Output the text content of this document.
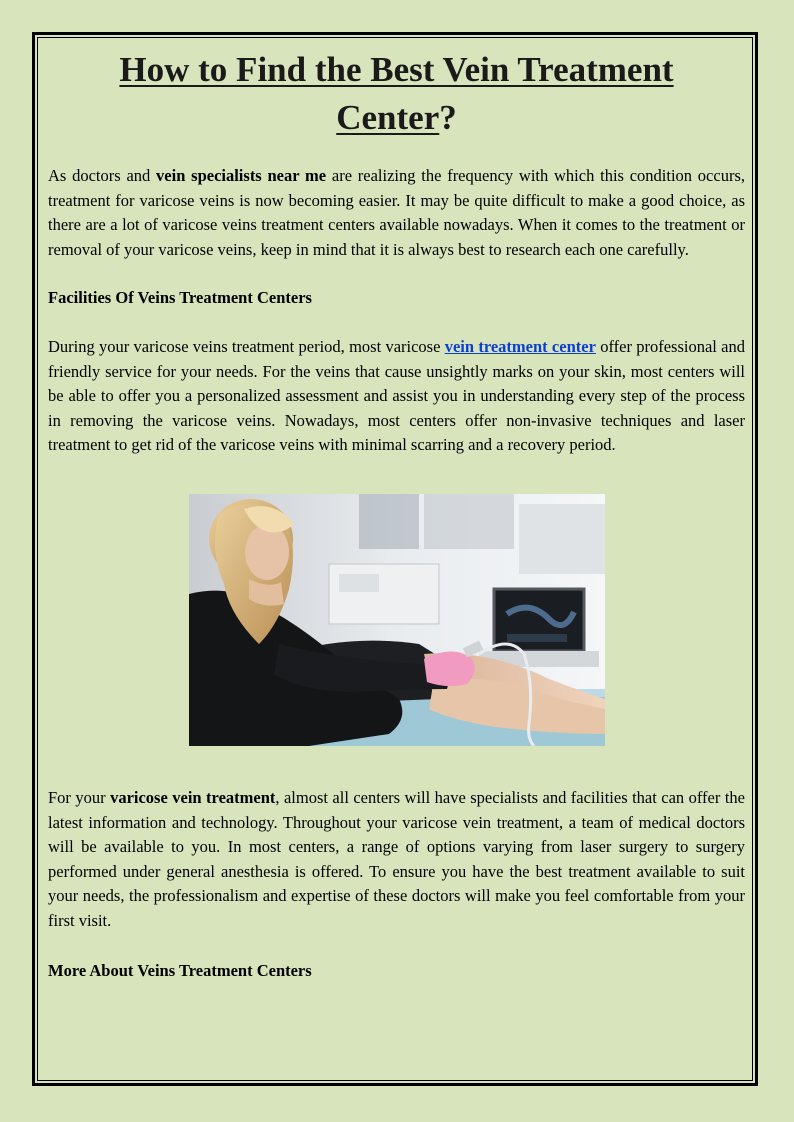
How to Find the Best Vein Treatment
Center?

As doctors and vein specialists near me are realizing the frequency with which this condition occurs, treatment for varicose veins is now becoming easier. It may be quite difficult to make a good choice, as there are a lot of varicose veins treatment centers available nowadays. When it comes to the treatment or removal of your varicose veins, keep in mind that it is always best to research each one carefully.

Facilities Of Veins Treatment Centers

During your varicose veins treatment period, most varicose vein treatment center offer professional and friendly service for your needs. For the veins that cause unsightly marks on your skin, most centers will be able to offer you a personalized assessment and assist you in understanding every step of the process in removing the varicose veins. Nowadays, most centers offer non-invasive techniques and laser treatment to get rid of the varicose veins with minimal scarring and a recovery period.

For your varicose vein treatment, almost all centers will have specialists and facilities that can offer the latest information and technology. Throughout your varicose vein treatment, a team of medical doctors will be available to you. In most centers, a range of options varying from laser surgery to surgery performed under general anesthesia is offered. To ensure you have the best treatment available to suit your needs, the professionalism and expertise of these doctors will make you feel comfortable from your first visit.

More About Veins Treatment Centers
